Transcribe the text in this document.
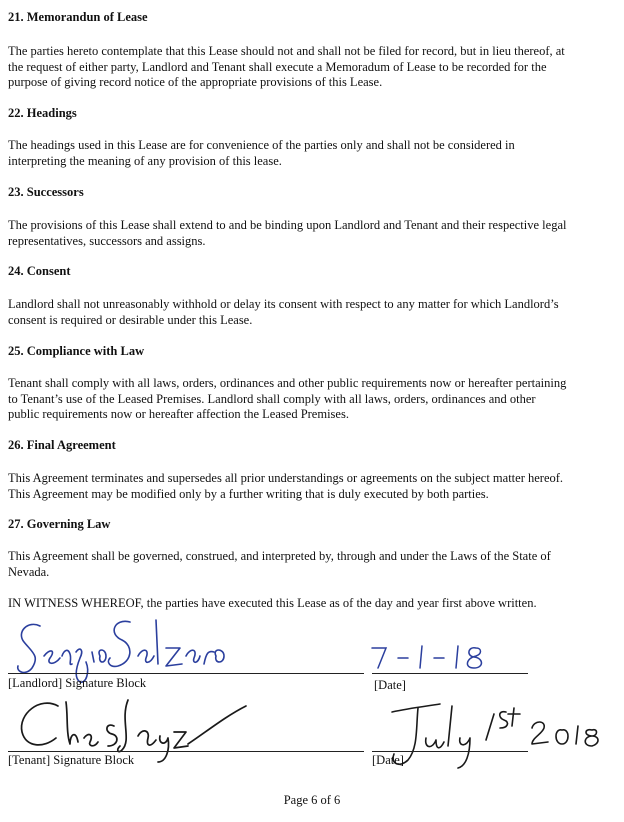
21. Memorandun of Lease

The parties hereto contemplate that this Lease should not and shall not be filed for record, but in lieu thereof, at
the request of either party, Landlord and Tenant shall execute a Memoradum of Lease to be recorded for the
purpose of giving record notice of the appropriate provisions of this Lease.

22. Headings

The headings used in this Lease are for convenience of the parties only and shall not be considered in
interpreting the meaning of any provision of this lease.

23. Successors

The provisions of this Lease shall extend to and be binding upon Landlord and Tenant and their respective legal
representatives, successors and assigns.

24. Consent

Landlord shall not unreasonably withhold or delay its consent with respect to any matter for which Landlord’s
consent is required or desirable under this Lease.

25. Compliance with Law

Tenant shall comply with all laws, orders, ordinances and other public requirements now or hereafter pertaining
to Tenant’s use of the Leased Premises. Landlord shall comply with all laws, orders, ordinances and other
public requirements now or hereafter affection the Leased Premises.

26. Final Agreement

This Agreement terminates and supersedes all prior understandings or agreements on the subject matter hereof.
This Agreement may be modified only by a further writing that is duly executed by both parties.

27. Governing Law

This Agreement shall be governed, construed, and interpreted by, through and under the Laws of the State of
Nevada.
IN WITNESS WHEREOF, the parties have executed this Lease as of the day and year first above written.
[Landlord] Signature Block	[Date]
[Tenant] Signature Block	[Date]
Page 6 of 6
